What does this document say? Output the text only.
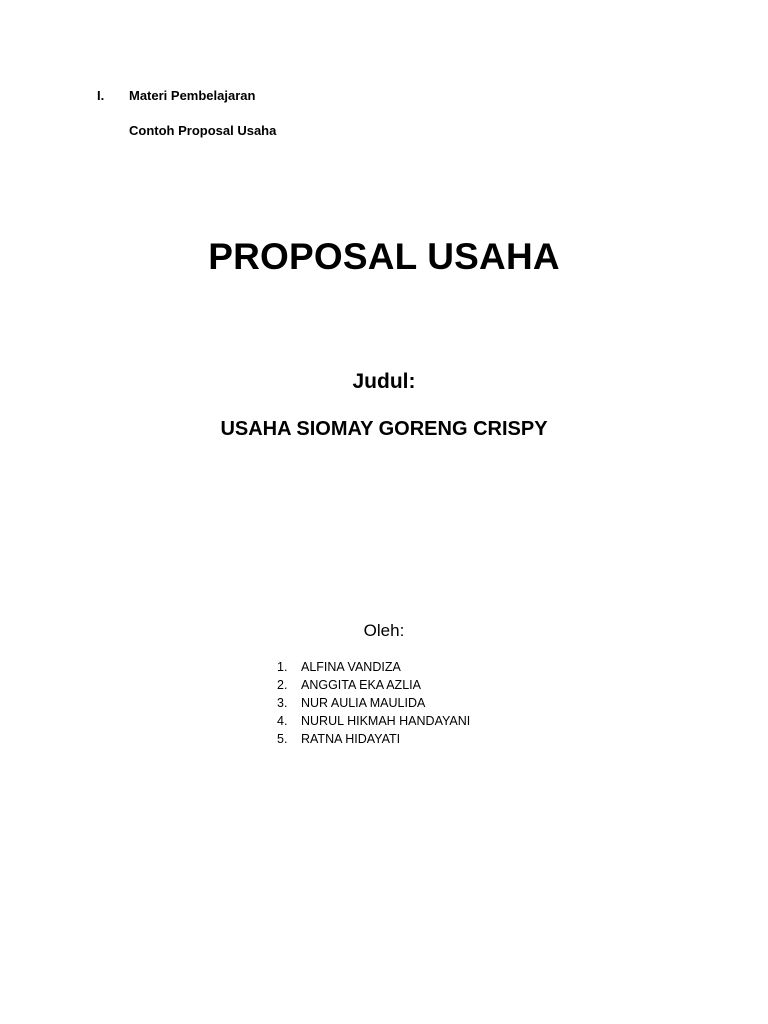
I.	Materi Pembelajaran
Contoh Proposal Usaha
PROPOSAL USAHA
Judul:
USAHA SIOMAY GORENG CRISPY
Oleh:
1.	ALFINA VANDIZA
2.	ANGGITA EKA AZLIA
3.	NUR AULIA MAULIDA
4.	NURUL HIKMAH HANDAYANI
5.	RATNA HIDAYATI
